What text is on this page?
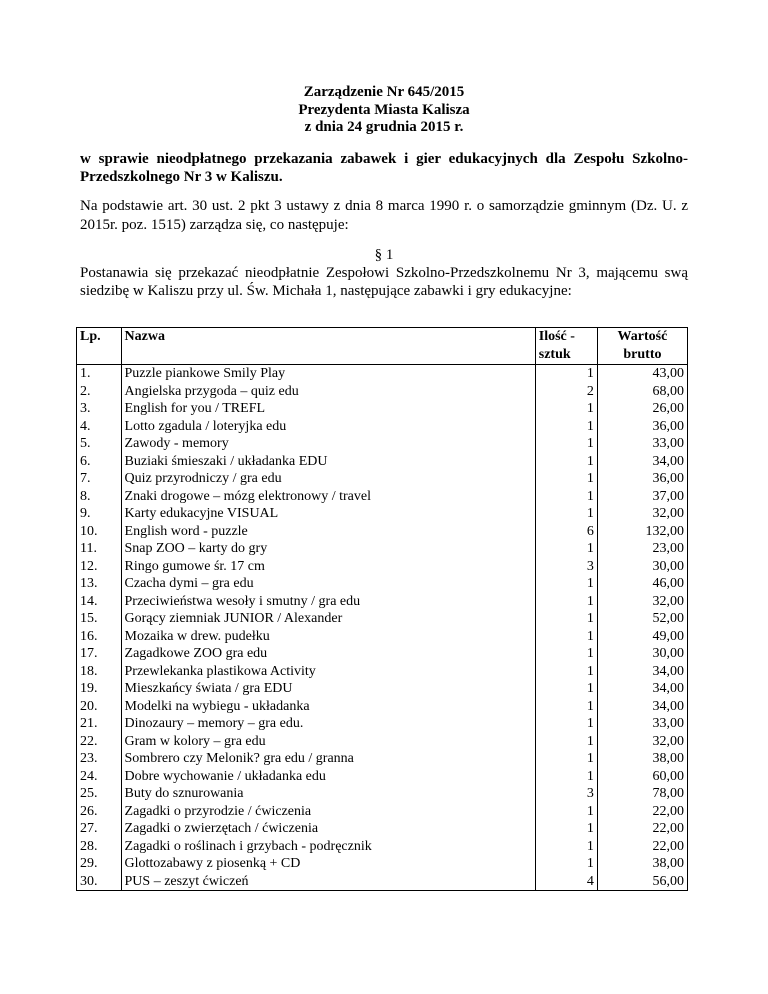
Zarządzenie Nr 645/2015
Prezydenta Miasta Kalisza
z dnia 24 grudnia 2015 r.
w sprawie nieodpłatnego przekazania zabawek i gier edukacyjnych dla Zespołu Szkolno-Przedszkolnego Nr 3 w Kaliszu.
Na podstawie art. 30 ust. 2 pkt 3 ustawy z dnia 8 marca 1990 r. o samorządzie gminnym (Dz. U. z 2015r. poz. 1515) zarządza się, co następuje:
§ 1
Postanawia się przekazać nieodpłatnie Zespołowi Szkolno-Przedszkolnemu Nr 3, mającemu swą siedzibę w Kaliszu przy ul. Św. Michała 1, następujące zabawki i gry edukacyjne:
Lp.	Nazwa	Ilość - sztuk	Wartość brutto
1.	Puzzle piankowe Smily Play	1	43,00
2.	Angielska przygoda – quiz edu	2	68,00
3.	English for you / TREFL	1	26,00
4.	Lotto zgadula / loteryjka edu	1	36,00
5.	Zawody - memory	1	33,00
6.	Buziaki śmieszaki / układanka EDU	1	34,00
7.	Quiz przyrodniczy / gra edu	1	36,00
8.	Znaki drogowe – mózg elektronowy / travel	1	37,00
9.	Karty edukacyjne VISUAL	1	32,00
10.	English word - puzzle	6	132,00
11.	Snap ZOO – karty do gry	1	23,00
12.	Ringo gumowe śr. 17 cm	3	30,00
13.	Czacha dymi – gra edu	1	46,00
14.	Przeciwieństwa wesoły i smutny / gra edu	1	32,00
15.	Gorący ziemniak JUNIOR / Alexander	1	52,00
16.	Mozaika w drew. pudełku	1	49,00
17.	Zagadkowe ZOO gra edu	1	30,00
18.	Przewlekanka plastikowa Activity	1	34,00
19.	Mieszkańcy świata / gra EDU	1	34,00
20.	Modelki na wybiegu - układanka	1	34,00
21.	Dinozaury – memory – gra edu.	1	33,00
22.	Gram w kolory – gra edu	1	32,00
23.	Sombrero czy Melonik? gra edu / granna	1	38,00
24.	Dobre wychowanie / układanka edu	1	60,00
25.	Buty do sznurowania	3	78,00
26.	Zagadki o przyrodzie / ćwiczenia	1	22,00
27.	Zagadki o zwierzętach / ćwiczenia	1	22,00
28.	Zagadki o roślinach i grzybach - podręcznik	1	22,00
29.	Glottozabawy z piosenką + CD	1	38,00
30.	PUS – zeszyt ćwiczeń	4	56,00
